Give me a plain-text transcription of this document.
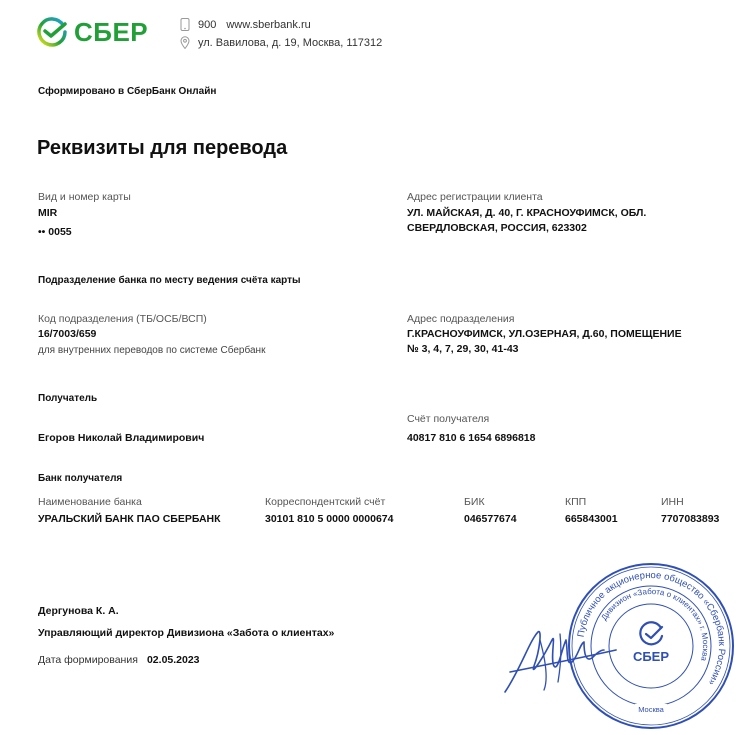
СБЕР	900 www.sberbank.ru
ул. Вавилова, д. 19, Москва, 117312
Сформировано в СберБанк Онлайн
Реквизиты для перевода
Вид и номер карты
MIR
•• 0055
Адрес регистрации клиента
УЛ. МАЙСКАЯ, Д. 40, Г. КРАСНОУФИМСК, ОБЛ.
СВЕРДЛОВСКАЯ, РОССИЯ, 623302
Подразделение банка по месту ведения счёта карты
Код подразделения (ТБ/ОСБ/ВСП)
16/7003/659
для внутренних переводов по системе Сбербанк
Адрес подразделения
Г.КРАСНОУФИМСК, УЛ.ОЗЕРНАЯ, Д.60, ПОМЕЩЕНИЕ
№ 3, 4, 7, 29, 30, 41-43
Получатель
Счёт получателя
Егоров Николай Владимирович	40817 810 6 1654 6896818
Банк получателя
Наименование банка
УРАЛЬСКИЙ БАНК ПАО СБЕРБАНК
Корреспондентский счёт
30101 810 5 0000 0000674
БИК
046577674
КПП
665843001
ИНН
7707083893
Дергунова К. А.
Управляющий директор Дивизиона «Забота о клиентах»
Дата формирования 02.05.2023
Публичное акционерное общество «Сбербанк России»
Дивизион «Забота о клиентах» г. Москва
СБЕР
Москва
